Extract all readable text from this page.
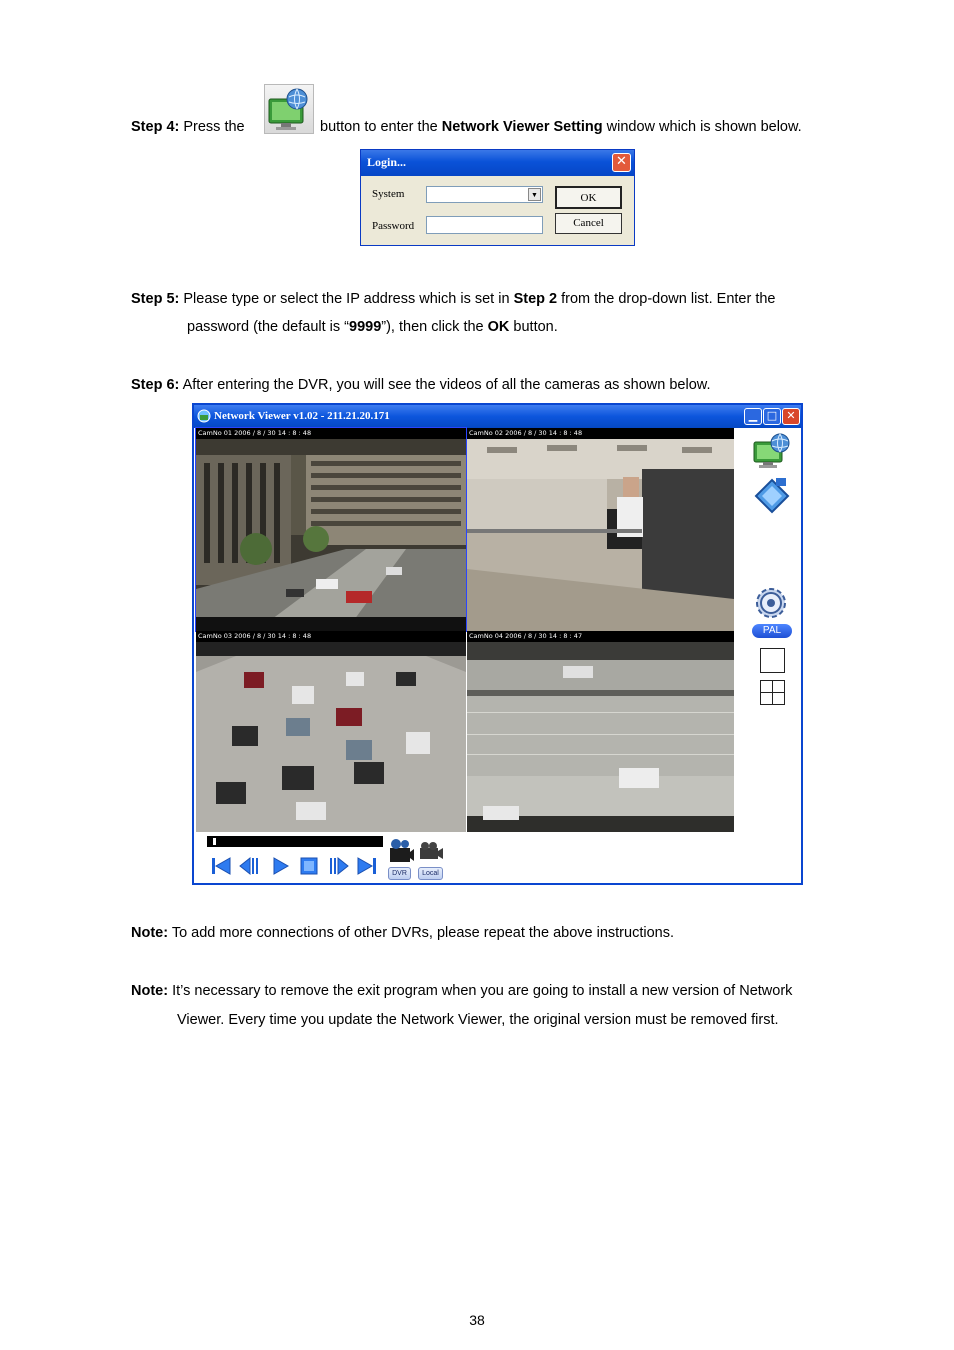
Step 4: Press the	button to enter the Network Viewer Setting window which is shown below.
Login...	✕
System	▼
Password
OK
Cancel
Step 5: Please type or select the IP address which is set in Step 2 from the drop-down list. Enter the
password (the default is “9999”), then click the OK button.
Step 6: After entering the DVR, you will see the videos of all the cameras as shown below.
Network Viewer v1.02 - 211.21.20.171	▁ □ ✕
CamNo 01 2006 / 8 / 30 14 : 8 : 48	CamNo 02 2006 / 8 / 30 14 : 8 : 48
CamNo 03 2006 / 8 / 30 14 : 8 : 48	CamNo 04 2006 / 8 / 30 14 : 8 : 47	PAL
DVR	Local
Note: To add more connections of other DVRs, please repeat the above instructions.
Note: It’s necessary to remove the exit program when you are going to install a new version of Network
Viewer. Every time you update the Network Viewer, the original version must be removed first.
38
